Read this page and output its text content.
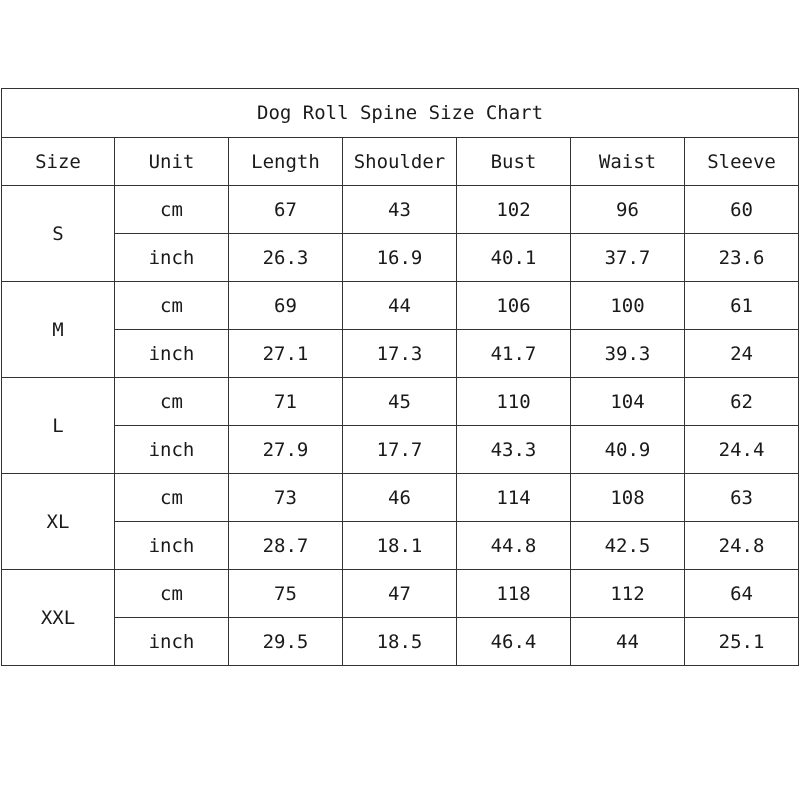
Dog Roll Spine Size Chart						
Size	Unit	Length	Shoulder	Bust	Waist	Sleeve
S	cm	67	43	102	96	60
	inch	26.3	16.9	40.1	37.7	23.6
M	cm	69	44	106	100	61
	inch	27.1	17.3	41.7	39.3	24
L	cm	71	45	110	104	62
	inch	27.9	17.7	43.3	40.9	24.4
XL	cm	73	46	114	108	63
	inch	28.7	18.1	44.8	42.5	24.8
XXL	cm	75	47	118	112	64
	inch	29.5	18.5	46.4	44	25.1
